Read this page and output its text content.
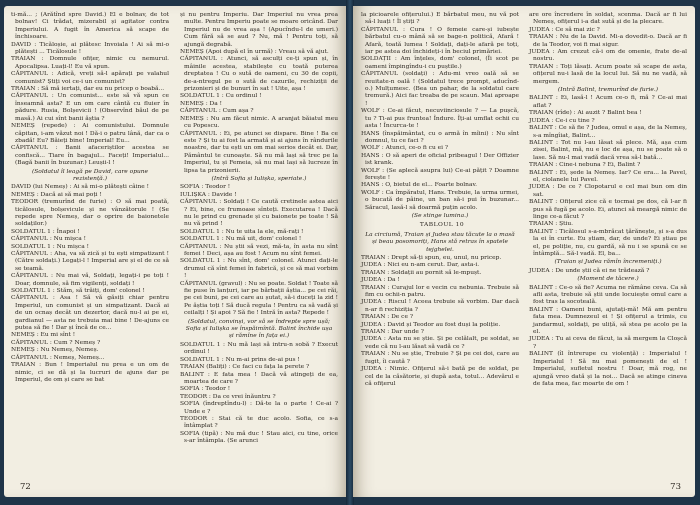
ti-mă... ; (Arătînd spre David.) El e bolnav, de tot bolnav! Ci trădat, mizerabil și agitator contra Imperiului. A fugit în America să scape de închisoare.

DAVID : Ticăloșie, ai plătesc Invoiala ! Ai să mi-o plătești ... Ticălosule !

TRAIAN : Domnule ofițer, nimic cu nemurul. Apocalipsa. Luați-l! Eu vă spun.

CĂPITANUL : Adică, vreți să-l apărați pe valahul comunist? Știți voi ce-i un comunist?

TRAIAN : Să mă iertați, dar eu nu pricep o boabă...

CĂPITANUL : Un comunist... este să vă spun ce înseamnă asta? E un om care cântă cu fluier în pădure. Rusia, Bolșevicii ! (Observînd băul de pe masă.) Ai cui sînt banii ăștia ?

NEMEȘ (repede) : Ai comunistului. Domnule căpitan, i-am văzut noi ! Dă-i o patru lână, dar ca o zbadă! Eu? Băieți bine! Imperial! Eu...

CĂPITANUL : Banii afaceriștilor acestea se confiscă... Tiare în bagajul... Faceți! Imperialul... (Bagă banii în buzunar.) Leușii-l !

(Soldatul îl leagă pe David, care opune rezistență.)

DAVID (lui Nemeș) : Ai să mi-o plătești câine !

NEMEȘ : Dacă ai să mai poți !

TEODOR (tremurînd de furie) : O să mai poată, ticălosule, bolșevicule și ne vânzătorule ! (Se repede spre Nemeș, dar o oprire de baionetele soldaților.)

SOLDATUL 1 : Înapoi !

CĂPITANUL : Nu mișca !

SOLDATUL 1 : Nu mișca !

CĂPITANUL : Aha, va să zică și tu ești simpatizant ! (Către soldați.) Legați-l ! Imperial are și el de ce să se teamă.

CĂPITANUL : Nu mai vă, Soldați, legați-i pe toți ! Doar, domnule, să fim vigilenți, soldați !

SOLDATUL 1 : Stăm, să trăiți, dom' colonel !

CĂPITANUL : Asa ! Să vă găsiți chiar pentru Imperiul, un comunist și un simpatizant. Dacă ai de un ocnaș decât un dezertor, dacă nu-l ai pe ei, gardianul — asta ne trebuia mai bine ! De-ajuns ce putea să fie ! Dar și încă de ce...

NEMEȘ : Eu mi sînt !

CĂPITANUL : Cum ? Nemeș ?

NEMEȘ : Nu Nemeș, Nemeș.

CĂPITANUL : Nemeș, Nemeș...

TRAIAN : Bun ! Imperialul nu prea e un om de nimic, ci se dă și la lucruri de ajuns dar pe Imperiul, de om și care se bat

și nu pentru Imperiu. Dar Imperiul nu vrea prea multe. Pentru Imperiu poate se moare oricând. Dar Imperiul nu de vrea așa ! (Apucîndu-l de umeri.) Cum fără să se aud ? Nu, mă ! Pentru toți, să ajungă degrabă.

NEMEȘ (Apoi după el în urmă) : Vreau să vă ajut.

CĂPITANUL : Atunci, să asculți ce-ți spun și, în mâinile acestea, stabilește cu toată puterea dreptatea ! Cu o sută de oameni, cu 30 de copii, de-a-ntregul pe o sută de cazurile, rechiziții de prizonieri și de bunuri în sat ! Uite, așa !

SOLDATUL 1 : Cu ordinul !

NEMEȘ : Da !

CĂPITANUL : Cum așa ?

NEMEȘ : Nu am făcut nimic. A aranjat băiatul meu cu Popescu.

CĂPITANUL : Ei, pe atunci se dispare. Bine ! Ba ce este ? Și tu ai fost la armată și ai ajuns în rândurile noastre, dar tu ești un om mai serios decât ei. Dar, Pământul te cunoaște. Să nu mă lași să trec pe la Imperiul, tu și Femeia, să nu mai lași să lucreze în lipsa ta prizonierii.

(Intră Sofia și Iulișka, speriate.)

SOFIA : Teodor !

IULIȘKA : Davide !

CĂPITANUL : Soldați ! Ce caută cretinele astea aici ? Ei, bine, ce frumoase sînteți. Executarea ! Dacă nu le prind cu grenade și cu baionete pe toate ! Să nu vă prind !

SOLDATUL 1 : Nu te uita la ele, mă-rați !

SOLDATUL 1 : Nu mă uit, dom' colonel !

CĂPITANUL : Nu știi să vezi, mă-ta, în asta nu sînt femei ! Deci, așa au fost ! Acum nu sînt femei.

SOLDATUL 1 : Nu sînt, dom' colonel. Atunci dați-le drumul că sînt femei în fabrică, și ce să mai vorbim !

CĂPITANUL (gravul) : Nu se poate. Soldat ! Toate să fie puse în lanțuri, iar pe bărbații ăștia... pe cei răi, pe cei buni, pe cei care au șutat, să-i duceți la zid ! Pe ăștia toți ! Să ducă regula ! Pentru ca să vadă și ceilalți ! Și apoi ? Să fie ! Intră în asta? Repede !

(Soldatul, convinși, vor să se îndrepte spre ușă; Sofia și Iulișka se înspăimîntă. Balint închide ușa și rămîne în fața ei.)

SOLDATUL 1 : Nu mă lași să intru-n sobă ? Execut ordinul !

SOLDATUL 1 : Nu m-ai prins de-ai pus !

TRAIAN (Baliți) : Ce faci cu fața la perete ?

BALINT : E fata mea ! Dacă vă atingeți de ea, moartea de care ?

SOFIA : Teodor !

TEODOR : Da ce vrei înăuntru ?

SOFIA (îndreptîndu-l) : Dă-te la o parte ! Ce-ai ? Unde e ?

TEODOR : Stai că te duc acolo. Sofia, ce s-a întâmplat ?

SOFIA (tipă) : Nu mă duc ! Stau aici, cu tine, orice s-ar întâmpla. (Se arunci

72

la picioarele ofițerului.) E bărbatul meu, nu vă pot să-l luați ! Îl știți ?

CĂPITANUL : Cura ! O femeie care-și iubește bărbatul cu-o mână să se bage-n politică, Afară ! Afară, toată lumea ! Soldați, dați-le afară pe toți, iar pe astea doi închideți-i în beciul primăriei.

SOLDAȚII : Am înțeles, dom' colonel, (Îi scot pe oameni împingîndu-i cu puștile.)

CĂPITANUL (soldați) : Adu-mi vreo oală să se reuitate-n oală ! (Soldatul trece prompt, aducînd-o.) Mulțumesc. (Bea un pahar, de la soldatul care tremură.) Aici fac treaba de pe scaun. Mai aproape !

WOLF : Ce-ai făcut, necuviinciosule ? — La pușcă, tu ? Ti-ai pus fruntea! Îndure. Îți-ai umflat ochii cu asta ! Încurca-te !

HANS (înspăimântat, cu o armă în mîini) : Nu sînt domnul, tu ce faci ?

WOLF : Atunci, ce-o fi cu ei ?

HANS : O să aperi de oficial pribeagul ! Der Offizier ist krank.

WOLF : (Se aplecă asupra lui) Ce-ai pățit ? Doamne ferește !

HANS : O, bietul de el... Foarte bolnav.

WOLF : Ca împăratul, Hans. Trebuie, la urma urmei, o bucată de pâine, un ban să-i pui în buzunar... Săracul, lasă-l să doarmă puțin acolo.

(Se stinge lumina.)

TABLOUL 10

La circiumă, Traian și Judea stau tăcute la o masă și beau posomoriți, Hans stă retras în spatele tejghelei.

TRAIAN : Drept să-ți spun, eu, unul, nu pricep.

JUDEA : Nici eu n-am cerut. Dar, asta-i.

TRAIAN : Soldații au pornit să le-mpușt.

JUDEA : Da !

TRAIAN : Curajul lor e vecin cu nebunia. Trebuie să fim cu ochii-n patru.

JUDEA : Riscul ! Aceea trebuie să vorbim. Dar dacă n-ar fi rechiziția ?

TRAIAN : De ce ?

JUDEA : David și Teodor au fost duși la poliție.

TRAIAN : Dar unde ?

JUDEA : Asta nu se știe. Și pe celălalt, pe soldat, se vede că nu l-au lăsat să vadă ce ?

TRAIAN : Nu se știe, Trebuie ? Și pe cei doi, care au fugit, îi caută ?

JUDEA : Nimic. Ofițerul să-i bată pe de soldat, pe cel de la căsătorie, și după asta, totul... Adevărul e că ofițerul

are ore încredere în soldat, scenma. Dacă ar fi lui Nemeș, ofițerul i-a dat sută și de la plecare.

JUDEA : Ce să mai zic ?

TRAIAN : Nu de la David. Mi-a dovedit-o. Dacă ar fi de la Teodor, voi fi mai sigur.

JUDEA : Am crezut că-i om de omenie, frate de-al nostru.

TRAIAN : Toți lăsați. Acum poate să scape de asta, ofițerul nu-i lasă de la locul lui. Să nu ne vadă, să mergem.

(Intră Balint, tremurînd de furie.)

BALINT : Ei, lasă-l ! Acum ce-o fi, mă ? Ce-ai mai aflat ?

TRAIAN (rîde) : Ai auzit ? Balint bea !

JUDEA : Ce-i cu tine ?

BALINT : Ce să fie ? Judea, omul e așa, de la Nemeș, s-a mîngîiat, Balint...

BALINT : Tot nu l-au lăsat să plece. Mă, așa cum zisei, Balint, mă, nu e loc de așa, nu se poate să o lase. Să nu-l mai vadă dacă vrea să-l bată...

TRAIAN : Cine-i nebuna ? Ei, Balint ?

BALINT : Ei, șede la Nemeș. Iar? Ce era... la Pavel, el, ciolanele lui Pavel.

JUDEA : De ce ? Clopotarul e cel mai bun om din sat.

BALINT : Ofițerul zice că e tocmai pe dos, că l-ar fi pus să fugă pe acolo. Ei, atunci să meargă nimic de linge ce-a făcut ?

TRAIAN : Știu.

BALINT : Ticălosul s-a-mbrăcat țărănește, și s-a dus la ei în curte. Eu știam, dar, de unde? Ei știau pe el, pe poliție, nu, cu gardă, să nu i se spună ce se întâmplă... Să-l vadă. El, ba...

(Traian și Judea rămîn încremeniți.)

JUDEA : De unde știi că ei ne trădează ?

(Moment de tăcere.)

BALINT : Ce-o să fie? Acuma ne rămâne ceva. Ca să afli asta, trebuie să știi unde locuiește omul care a fost tras la socoteală.

BALINT : Oameni buni, ajutați-mă! Mă am pentru fata mea. Dumnezeul ei ! Și ofițerul a trimis, cu jandarmul, soldați, pe uliță, să stea pe acolo pe la el.

JUDEA : Tu ai ceva de făcut, ia să mergem la Cloșcă ?

BALINT (îl întrerupe cu violență) : Imperialul ! Imperialul ! Să nu mai pomenești de el ! Imperialul, sufletul nostru ! Doar, mă rog, ne ajungă vreo dată și la noi... Dacă se atinge cineva de fata mea, fac moarte de om !

73
